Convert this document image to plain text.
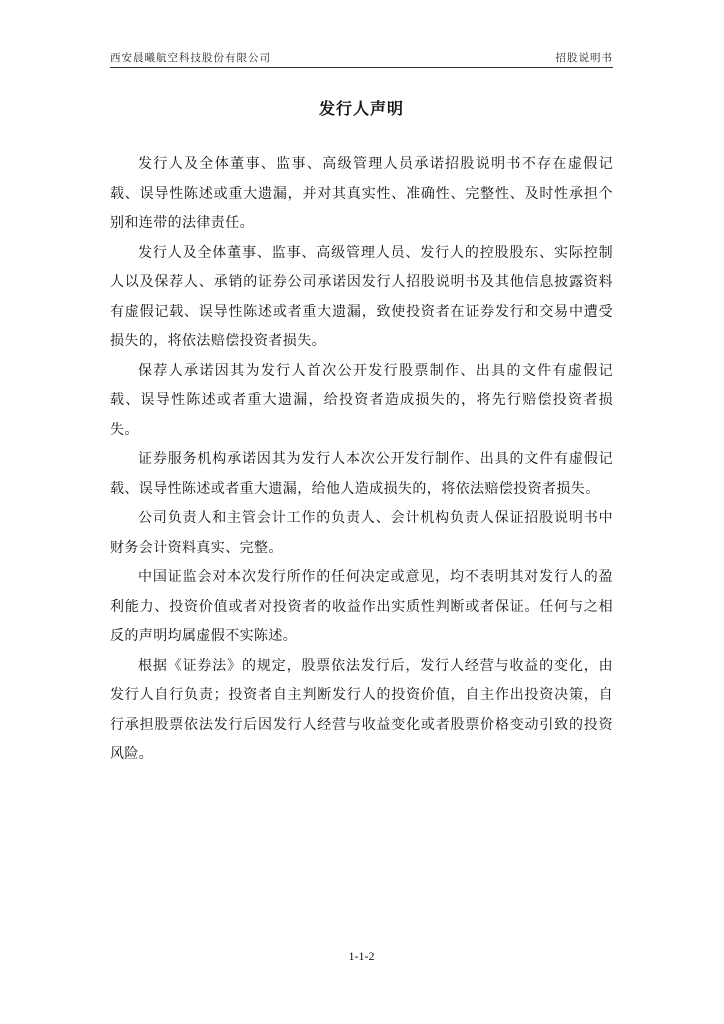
西安晨曦航空科技股份有限公司	招股说明书
发行人声明

发行人及全体董事、监事、高级管理人员承诺招股说明书不存在虚假记载、误导性陈述或重大遗漏，并对其真实性、准确性、完整性、及时性承担个别和连带的法律责任。

发行人及全体董事、监事、高级管理人员、发行人的控股股东、实际控制人以及保荐人、承销的证券公司承诺因发行人招股说明书及其他信息披露资料有虚假记载、误导性陈述或者重大遗漏，致使投资者在证券发行和交易中遭受损失的，将依法赔偿投资者损失。

保荐人承诺因其为发行人首次公开发行股票制作、出具的文件有虚假记载、误导性陈述或者重大遗漏，给投资者造成损失的，将先行赔偿投资者损失。

证券服务机构承诺因其为发行人本次公开发行制作、出具的文件有虚假记载、误导性陈述或者重大遗漏，给他人造成损失的，将依法赔偿投资者损失。

公司负责人和主管会计工作的负责人、会计机构负责人保证招股说明书中财务会计资料真实、完整。

中国证监会对本次发行所作的任何决定或意见，均不表明其对发行人的盈利能力、投资价值或者对投资者的收益作出实质性判断或者保证。任何与之相反的声明均属虚假不实陈述。

根据《证券法》的规定，股票依法发行后，发行人经营与收益的变化，由发行人自行负责；投资者自主判断发行人的投资价值，自主作出投资决策，自行承担股票依法发行后因发行人经营与收益变化或者股票价格变动引致的投资风险。

1-1-2
